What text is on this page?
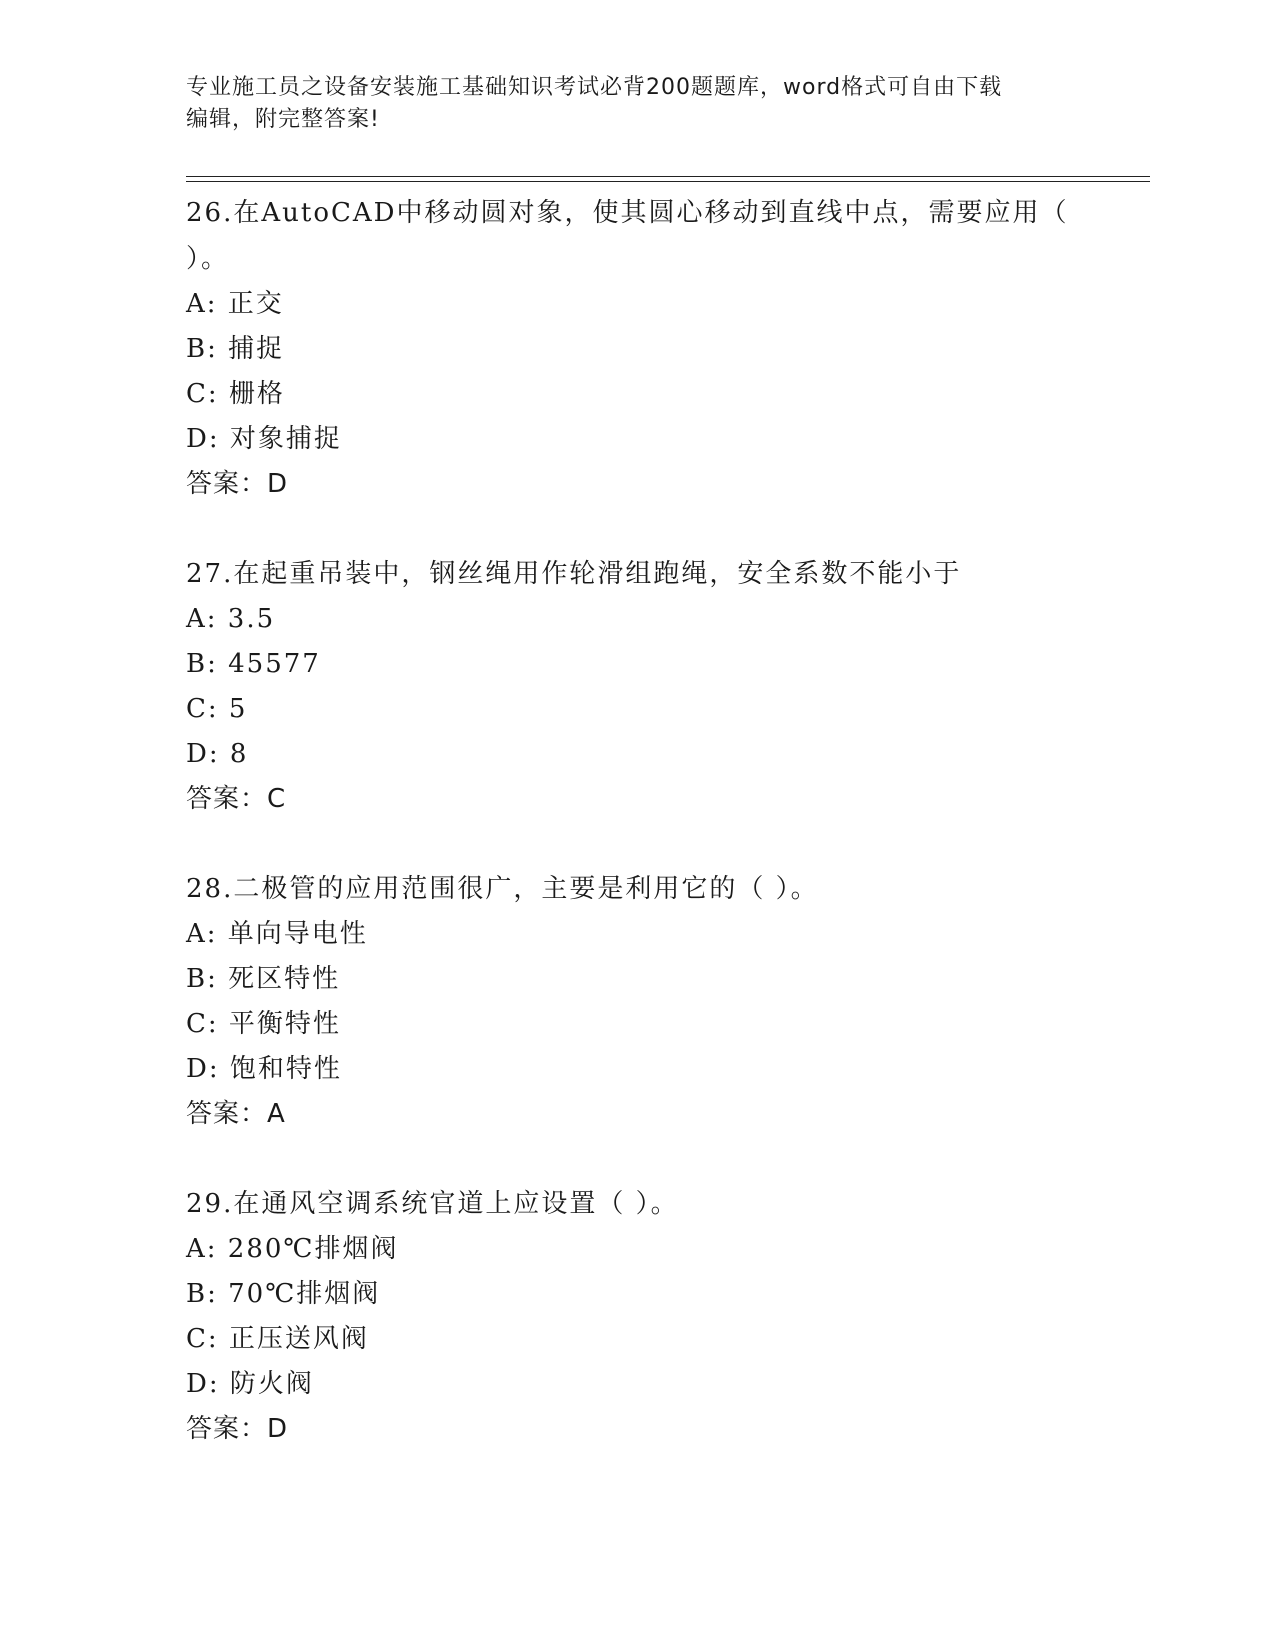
专业施工员之设备安装施工基础知识考试必背200题题库，word格式可自由下载
编辑，附完整答案!
26.在AutoCAD中移动圆对象，使其圆心移动到直线中点，需要应用（
）。
A: 正交
B: 捕捉
C: 栅格
D: 对象捕捉
答案：D
27.在起重吊装中，钢丝绳用作轮滑组跑绳，安全系数不能小于
A: 3.5
B: 45577
C: 5
D: 8
答案：C
28.二极管的应用范围很广，主要是利用它的（ ）。
A: 单向导电性
B: 死区特性
C: 平衡特性
D: 饱和特性
答案：A
29.在通风空调系统官道上应设置（ ）。
A: 280℃排烟阀
B: 70℃排烟阀
C: 正压送风阀
D: 防火阀
答案：D
